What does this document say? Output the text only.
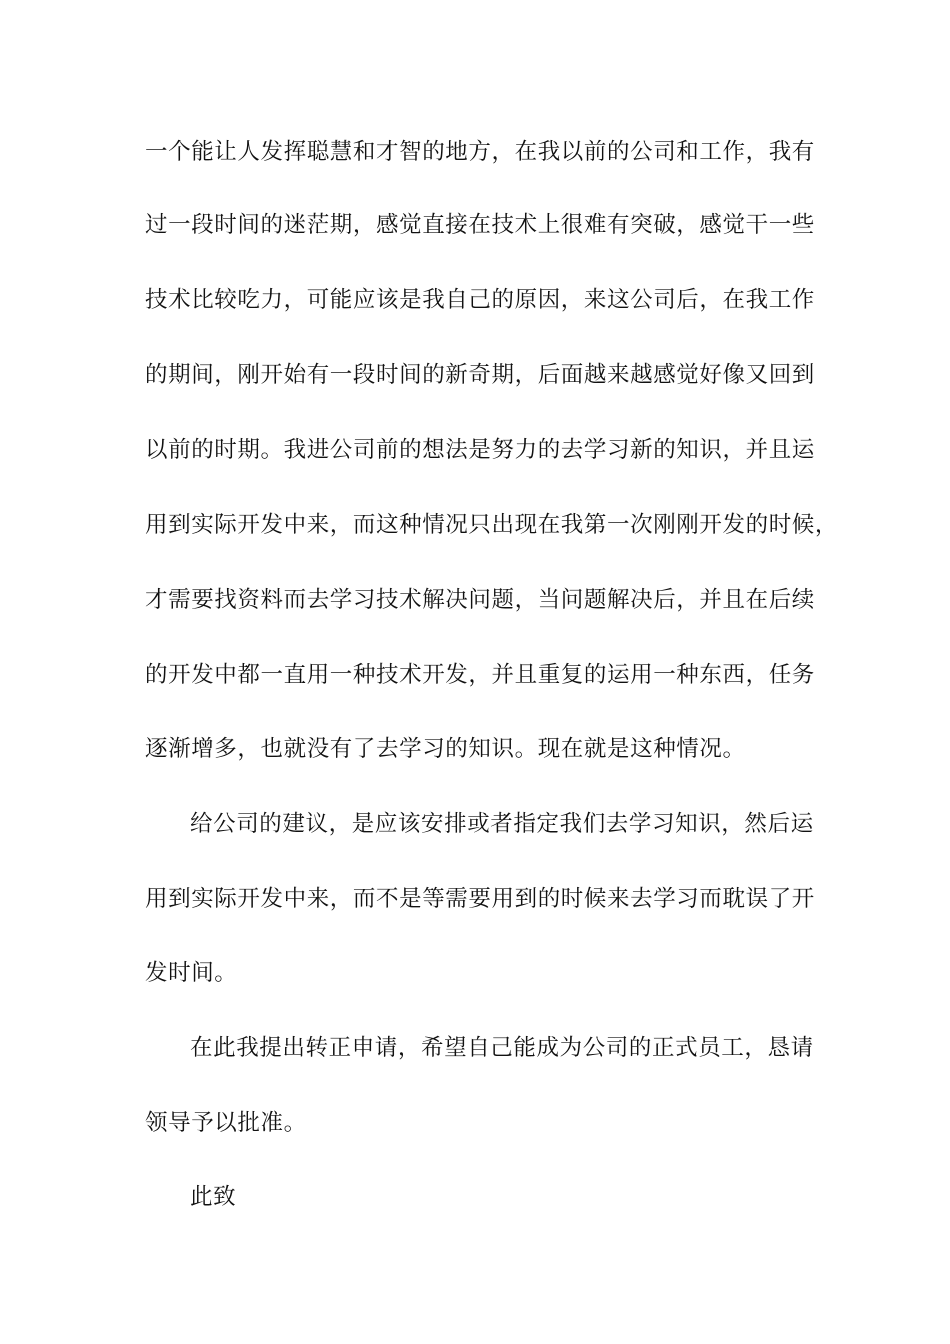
一个能让人发挥聪慧和才智的地方，在我以前的公司和工作，我有
过一段时间的迷茫期，感觉直接在技术上很难有突破，感觉干一些
技术比较吃力，可能应该是我自己的原因，来这公司后，在我工作
的期间，刚开始有一段时间的新奇期，后面越来越感觉好像又回到
以前的时期。我进公司前的想法是努力的去学习新的知识，并且运
用到实际开发中来，而这种情况只出现在我第一次刚刚开发的时候，
才需要找资料而去学习技术解决问题，当问题解决后，并且在后续
的开发中都一直用一种技术开发，并且重复的运用一种东西，任务
逐渐增多，也就没有了去学习的知识。现在就是这种情况。
给公司的建议，是应该安排或者指定我们去学习知识，然后运
用到实际开发中来，而不是等需要用到的时候来去学习而耽误了开
发时间。
在此我提出转正申请，希望自己能成为公司的正式员工，恳请
领导予以批准。
此致
